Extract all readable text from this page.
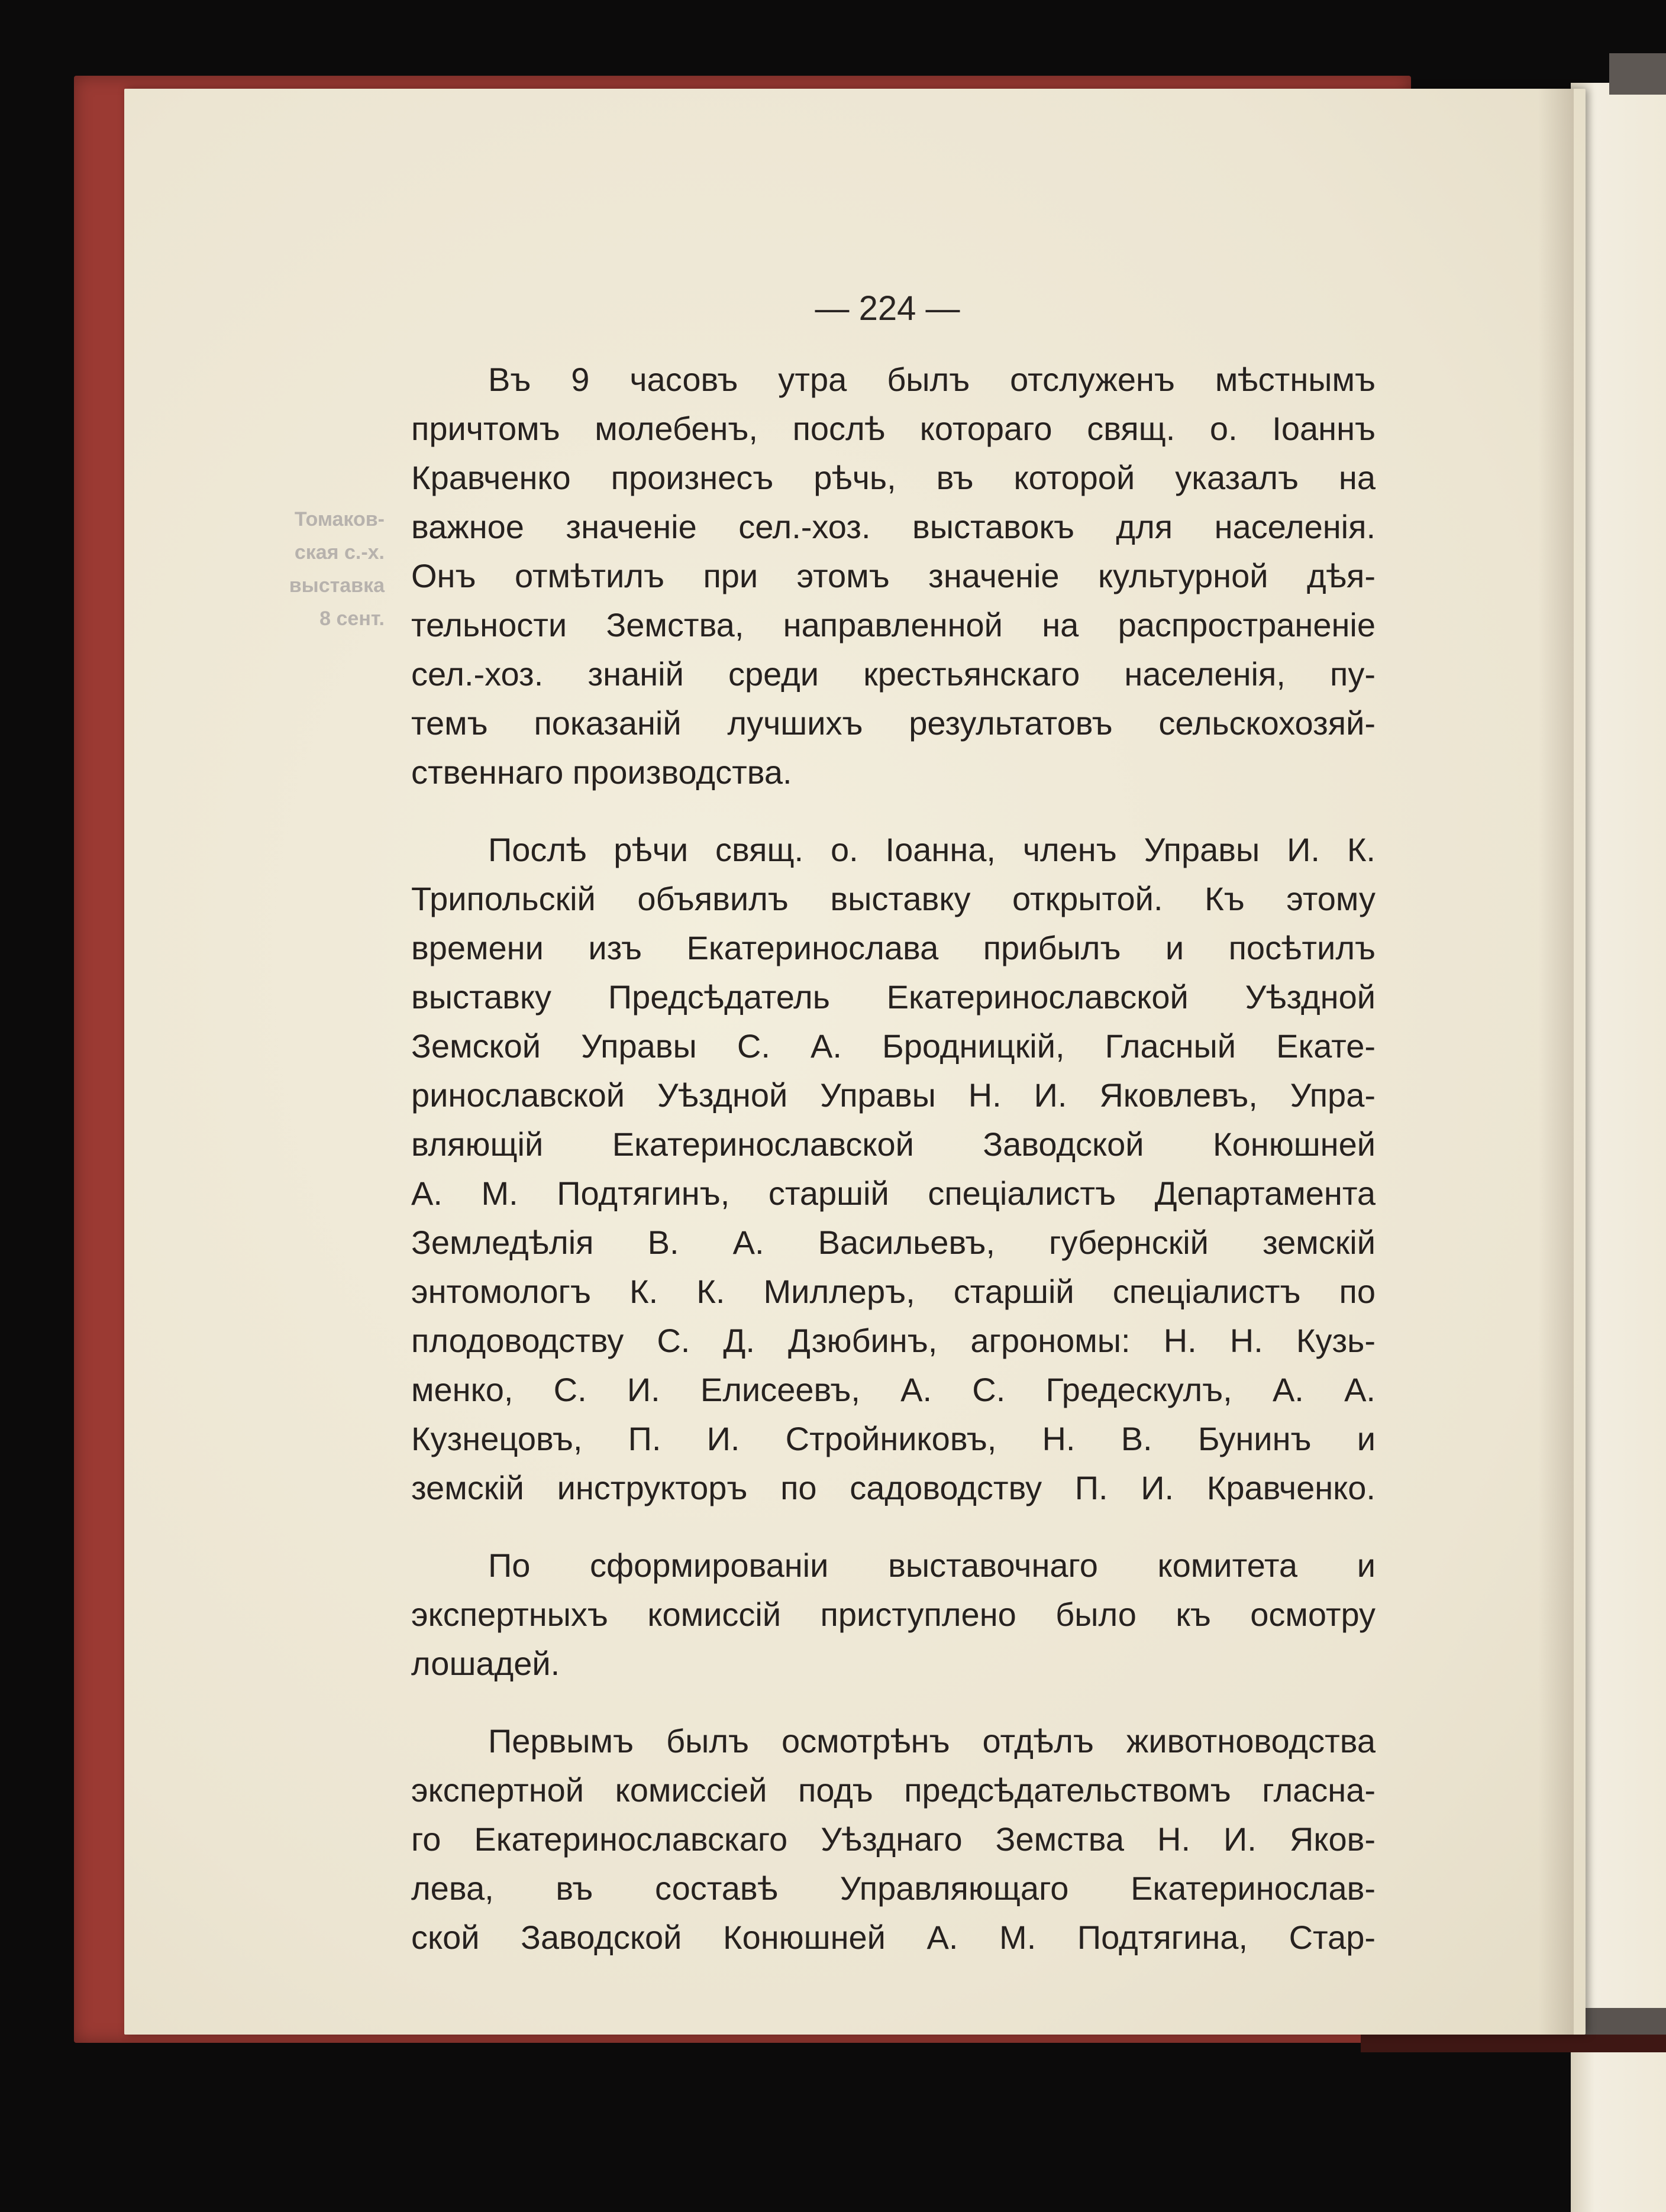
Томаков-
ская с.-х.
выставка
8 сент.
— 224 —
Въ 9 часовъ утра былъ отслуженъ мѣстнымъ
причтомъ молебенъ, послѣ котораго свящ. о. Іоаннъ
Кравченко произнесъ рѣчь, въ которой указалъ на
важное значеніе сел.-хоз. выставокъ для населенія.
Онъ отмѣтилъ при этомъ значеніе культурной дѣя-
тельности Земства, направленной на распространеніе
сел.-хоз. знаній среди крестьянскаго населенія, пу-
темъ показаній лучшихъ результатовъ сельскохозяй-
ственнаго производства.
Послѣ рѣчи свящ. о. Іоанна, членъ Управы И. К.
Трипольскій объявилъ выставку открытой. Къ этому
времени изъ Екатеринослава прибылъ и посѣтилъ
выставку Предсѣдатель Екатеринославской Уѣздной
Земской Управы С. А. Бродницкій, Гласный Екате-
ринославской Уѣздной Управы Н. И. Яковлевъ, Упра-
вляющій Екатеринославской Заводской Конюшней
А. М. Подтягинъ, старшій спеціалистъ Департамента
Земледѣлія В. А. Васильевъ, губернскій земскій
энтомологъ К. К. Миллеръ, старшій спеціалистъ по
плодоводству С. Д. Дзюбинъ, агрономы: Н. Н. Кузь-
менко, С. И. Елисеевъ, А. С. Гредескулъ, А. А.
Кузнецовъ, П. И. Стройниковъ, Н. В. Бунинъ и
земскій инструкторъ по садоводству П. И. Кравченко.
По сформированіи выставочнаго комитета и
экспертныхъ комиссій приступлено было къ осмотру
лошадей.
Первымъ былъ осмотрѣнъ отдѣлъ животноводства
экспертной комиссіей подъ предсѣдательствомъ гласна-
го Екатеринославскаго Уѣзднаго Земства Н. И. Яков-
лева, въ составѣ Управляющаго Екатеринослав-
ской Заводской Конюшней А. М. Подтягина, Стар-
